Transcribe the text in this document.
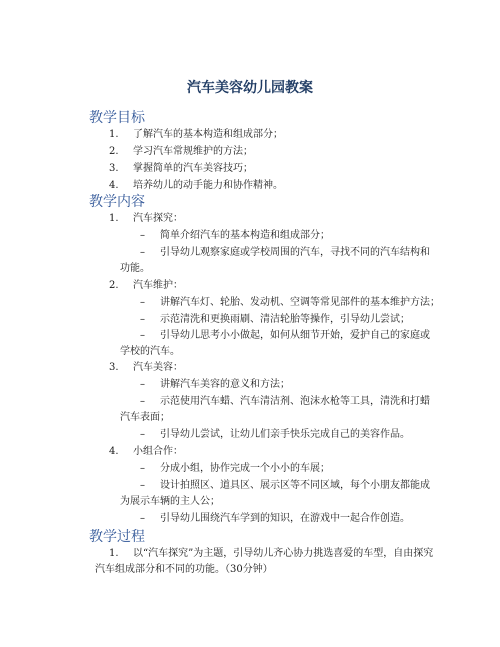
汽车美容幼儿园教案
教学目标
1. 了解汽车的基本构造和组成部分；
2. 学习汽车常规维护的方法；
3. 掌握简单的汽车美容技巧；
4. 培养幼儿的动手能力和协作精神。
教学内容
1. 汽车探究：
– 简单介绍汽车的基本构造和组成部分；
– 引导幼儿观察家庭或学校周围的汽车，寻找不同的汽车结构和
功能。
2. 汽车维护：
– 讲解汽车灯、轮胎、发动机、空调等常见部件的基本维护方法；
– 示范清洗和更换雨刷、清洁轮胎等操作，引导幼儿尝试；
– 引导幼儿思考小小做起，如何从细节开始，爱护自己的家庭或
学校的汽车。
3. 汽车美容：
– 讲解汽车美容的意义和方法；
– 示范使用汽车蜡、汽车清洁剂、泡沫水枪等工具，清洗和打蜡
汽车表面；
– 引导幼儿尝试，让幼儿们亲手快乐完成自己的美容作品。
4. 小组合作：
– 分成小组，协作完成一个小小的车展；
– 设计拍照区、道具区、展示区等不同区域，每个小朋友都能成
为展示车辆的主人公；
– 引导幼儿围绕汽车学到的知识，在游戏中一起合作创造。
教学过程
1. 以“汽车探究”为主题，引导幼儿齐心协力挑选喜爱的车型，自由探究
汽车组成部分和不同的功能。（30分钟）
